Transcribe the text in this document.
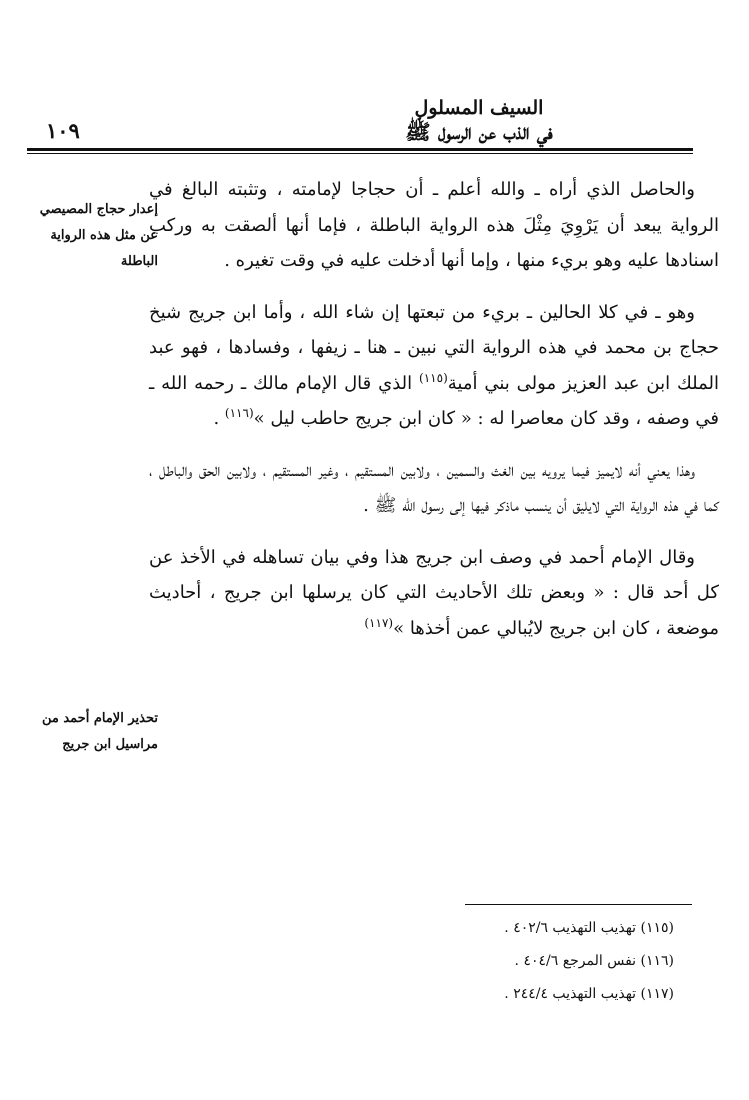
السيف المسلول

في الذب عن الرسول ﷺ

١٠٩

إعدار حجاج المصيصي عن مثل هذه الرواية الباطلة

تحذير الإمام أحمد من مراسيل ابن جريج

والحاصل الذي أراه ـ والله أعلم ـ أن حجاجا لإمامته ، وتثبته البالغ في الرواية يبعد أن يَرْوِيَ مِثْلَ هذه الرواية الباطلة ، فإما أنها ألصقت به وركب اسنادها عليه وهو بريء منها ، وإما أنها أدخلت عليه في وقت تغيره .

وهو ـ في كلا الحالين ـ بريء من تبعتها إن شاء الله ، وأما ابن جريج شيخ حجاج بن محمد في هذه الرواية التي نبين ـ هنا ـ زيفها ، وفسادها ، فهو عبد الملك ابن عبد العزيز مولى بني أمية$^{(١١٥)}$ الذي قال الإمام مالك ـ رحمه الله ـ في وصفه ، وقد كان معاصرا له : « كان ابن جريج حاطب ليل »$^{(١١٦)}$ .

وهذا يعني أنه لايميز فيما يرويه بين الغث والسمين ، ولابين المستقيم ، وغير المستقيم ، ولابين الحق والباطل ، كما في هذه الرواية التي لايليق أن ينسب ماذكر فيها إلى رسول الله ﷺ .

وقال الإمام أحمد في وصف ابن جريج هذا وفي بيان تساهله في الأخذ عن كل أحد قال : « وبعض تلك الأحاديث التي كان يرسلها ابن جريج ، أحاديث موضعة ، كان ابن جريج لايُبالي عمن أخذها »$^{(١١٧)}$

(١١٥) تهذيب التهذيب ٤٠٢/٦ .

(١١٦) نفس المرجع ٤٠٤/٦ .

(١١٧) تهذيب التهذيب ٢٤٤/٤ .
